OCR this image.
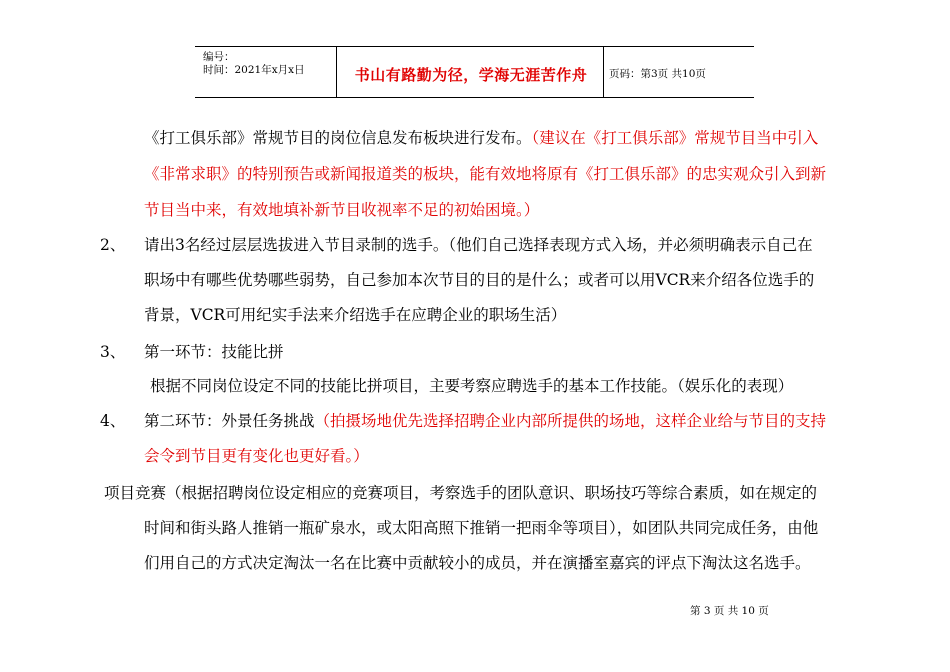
编号：
时间：2021年x月x日	书山有路勤为径，学海无涯苦作舟	页码：第3页 共10页
《打工俱乐部》常规节目的岗位信息发布板块进行发布。（建议在《打工俱乐部》常规节目当中引入
《非常求职》的特别预告或新闻报道类的板块，能有效地将原有《打工俱乐部》的忠实观众引入到新
节目当中来，有效地填补新节目收视率不足的初始困境。）
2、 请出3名经过层层选拔进入节目录制的选手。（他们自己选择表现方式入场，并必须明确表示自己在
职场中有哪些优势哪些弱势，自己参加本次节目的目的是什么；或者可以用VCR来介绍各位选手的
背景，VCR可用纪实手法来介绍选手在应聘企业的职场生活）
3、 第一环节：技能比拼
根据不同岗位设定不同的技能比拼项目，主要考察应聘选手的基本工作技能。（娱乐化的表现）
4、 第二环节：外景任务挑战（拍摄场地优先选择招聘企业内部所提供的场地，这样企业给与节目的支持
会令到节目更有变化也更好看。）
项目竞赛（根据招聘岗位设定相应的竞赛项目，考察选手的团队意识、职场技巧等综合素质，如在规定的
时间和街头路人推销一瓶矿泉水，或太阳高照下推销一把雨伞等项目），如团队共同完成任务，由他
们用自己的方式决定淘汰一名在比赛中贡献较小的成员，并在演播室嘉宾的评点下淘汰这名选手。
第 3 页 共 10 页
